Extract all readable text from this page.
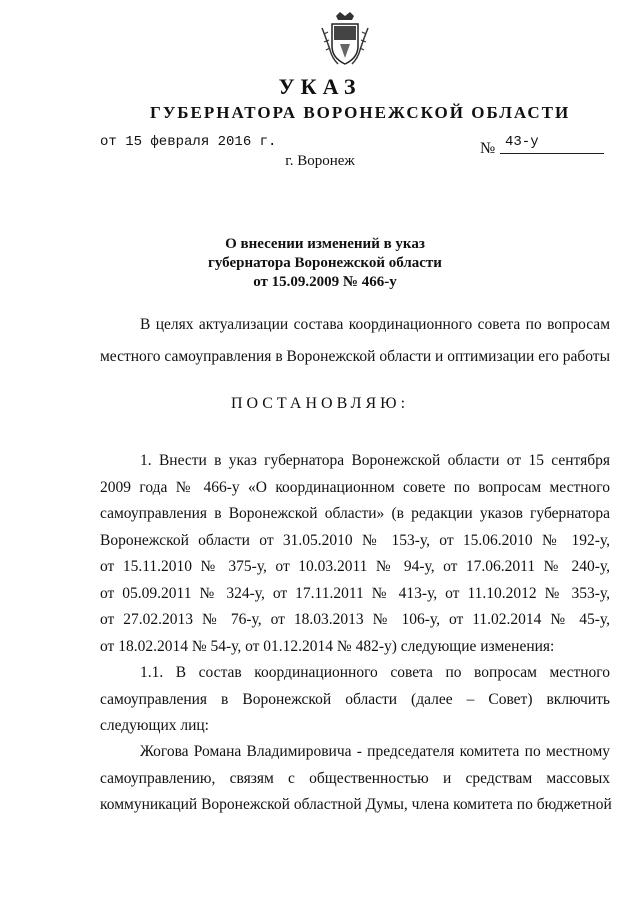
УКАЗ
ГУБЕРНАТОРА ВОРОНЕЖСКОЙ ОБЛАСТИ
от 15 февраля 2016 г.	№ 43-у
г. Воронеж
О внесении изменений в указ
губернатора Воронежской области
от 15.09.2009 № 466-у
В целях актуализации состава координационного совета по вопросам
местного самоуправления в Воронежской области и оптимизации его работы
ПОСТАНОВЛЯЮ:
1. Внести в указ губернатора Воронежской области от 15 сентября
2009 года № 466-у «О координационном совете по вопросам местного
самоуправления в Воронежской области» (в редакции указов губернатора
Воронежской области от 31.05.2010 № 153-у, от 15.06.2010 № 192-у,
от 15.11.2010 № 375-у, от 10.03.2011 № 94-у, от 17.06.2011 № 240-у,
от 05.09.2011 № 324-у, от 17.11.2011 № 413-у, от 11.10.2012 № 353-у,
от 27.02.2013 № 76-у, от 18.03.2013 № 106-у, от 11.02.2014 № 45-у,
от 18.02.2014 № 54-у, от 01.12.2014 № 482-у) следующие изменения:
1.1. В состав координационного совета по вопросам местного
самоуправления в Воронежской области (далее – Совет) включить
следующих лиц:
Жогова Романа Владимировича - председателя комитета по местному
самоуправлению, связям с общественностью и средствам массовых
коммуникаций Воронежской областной Думы, члена комитета по бюджетной
